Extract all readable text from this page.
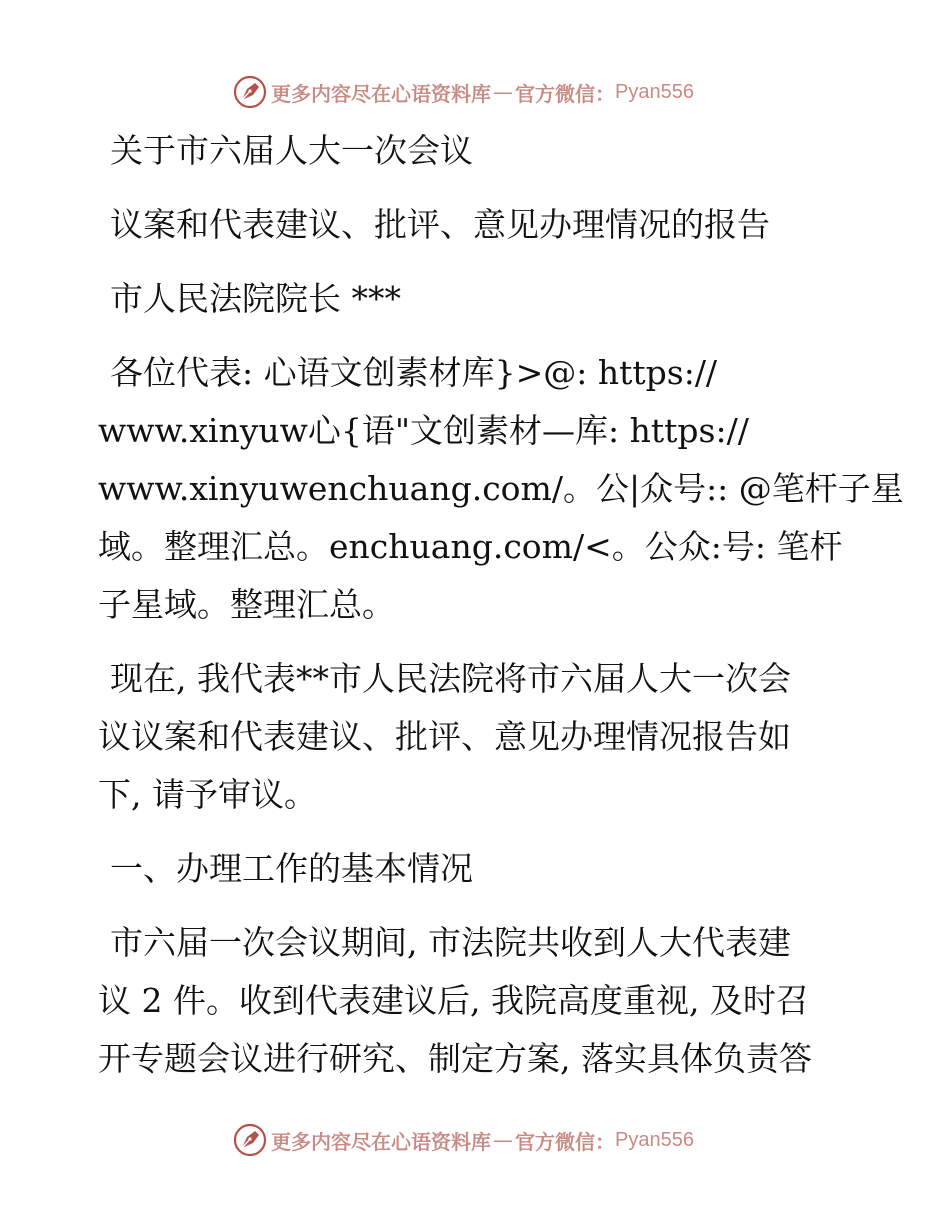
更多内容尽在心语资料库 — 官方微信： Pyan556
关于市六届人大一次会议
议案和代表建议、批评、意见办理情况的报告
市人民法院院长 ***
各位代表: 心语文创素材库}>@: https://
www.xinyuw心{语"文创素材—库: https://
www.xinyuwenchuang.com/。公|众号:: @笔杆子星
域。整理汇总。enchuang.com/<。公众:号: 笔杆
子星域。整理汇总。
现在, 我代表**市人民法院将市六届人大一次会
议议案和代表建议、批评、意见办理情况报告如
下, 请予审议。
一、办理工作的基本情况
市六届一次会议期间, 市法院共收到人大代表建
议 2 件。收到代表建议后, 我院高度重视, 及时召
开专题会议进行研究、制定方案, 落实具体负责答
更多内容尽在心语资料库 — 官方微信： Pyan556
